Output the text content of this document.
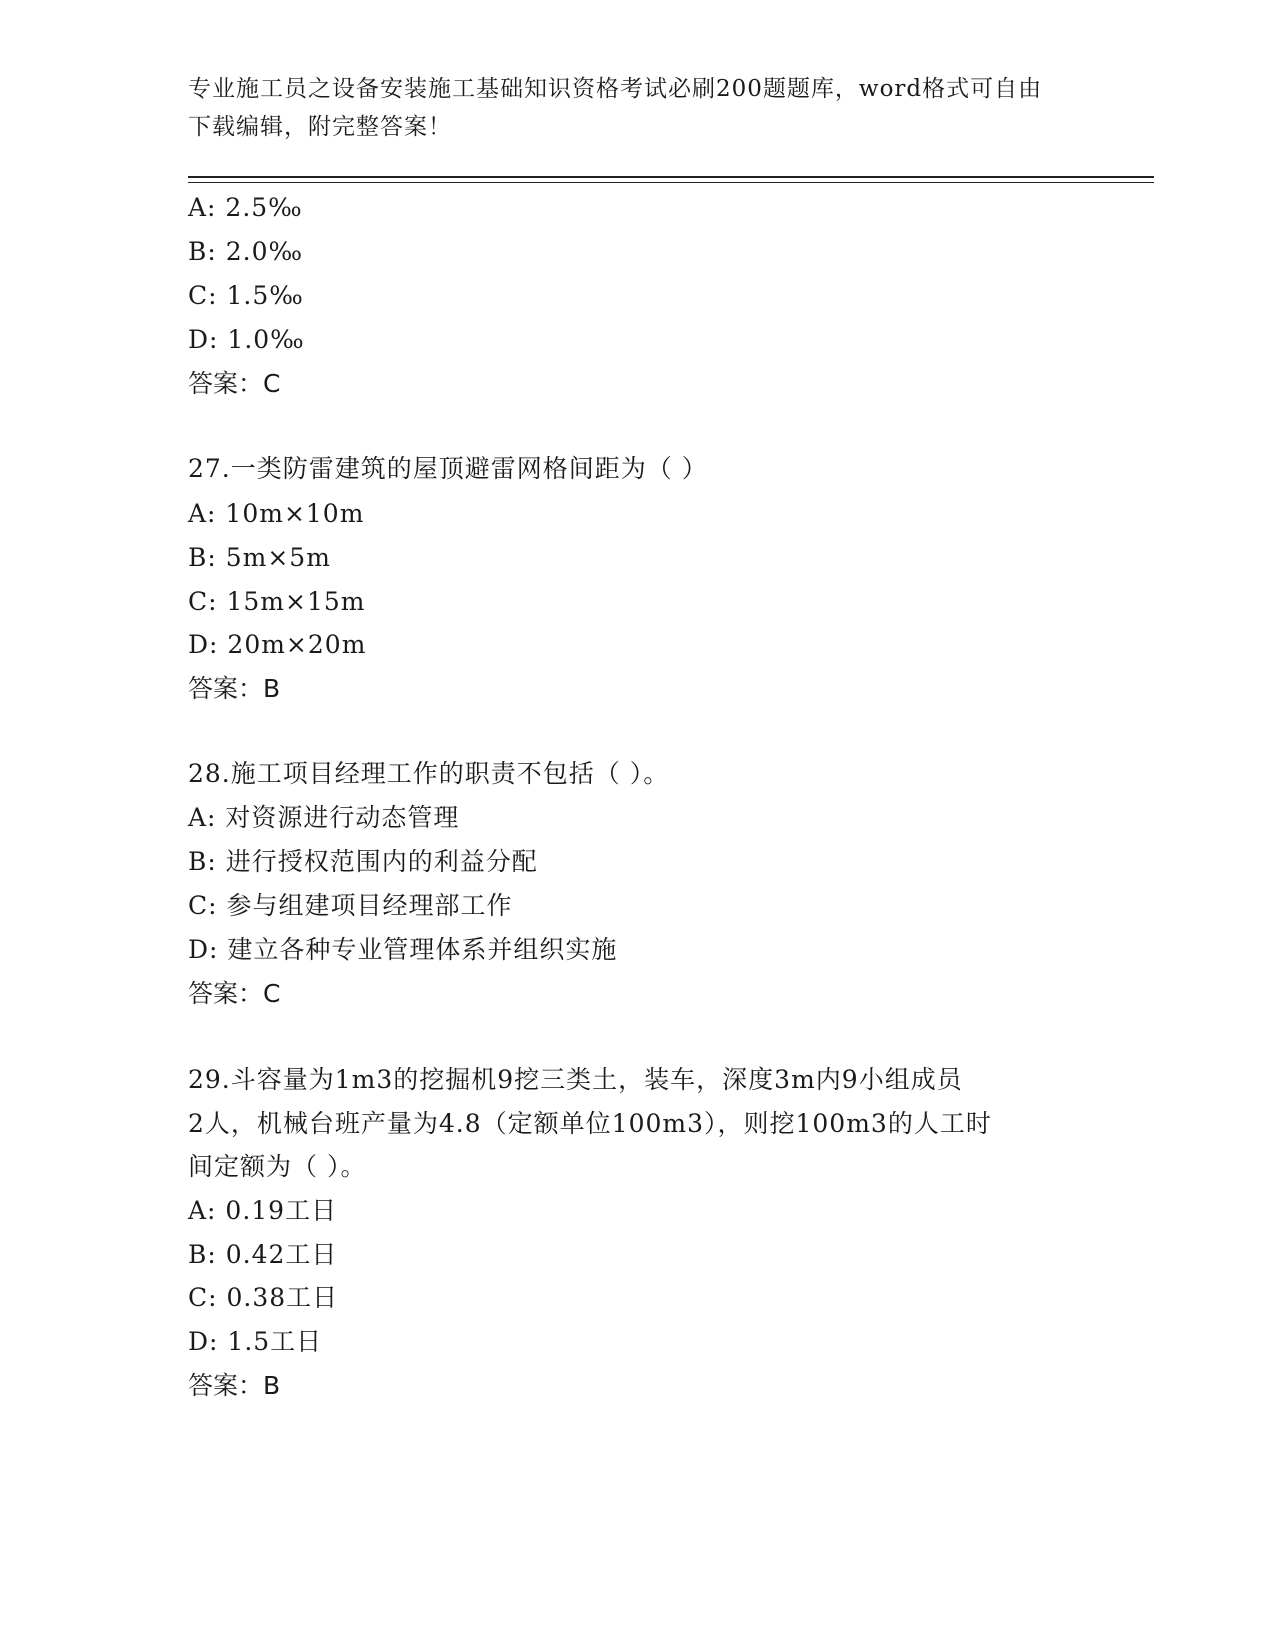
专业施工员之设备安装施工基础知识资格考试必刷200题题库，word格式可自由
下载编辑，附完整答案！
A: 2.5‰
B: 2.0‰
C: 1.5‰
D: 1.0‰
答案：C
27.一类防雷建筑的屋顶避雷网格间距为（ ）
A: 10m×10m
B: 5m×5m
C: 15m×15m
D: 20m×20m
答案：B
28.施工项目经理工作的职责不包括（ ）。
A: 对资源进行动态管理
B: 进行授权范围内的利益分配
C: 参与组建项目经理部工作
D: 建立各种专业管理体系并组织实施
答案：C
29.斗容量为1m3的挖掘机9挖三类土，装车，深度3m内9小组成员
2人，机械台班产量为4.8（定额单位100m3），则挖100m3的人工时
间定额为（ ）。
A: 0.19工日
B: 0.42工日
C: 0.38工日
D: 1.5工日
答案：B
